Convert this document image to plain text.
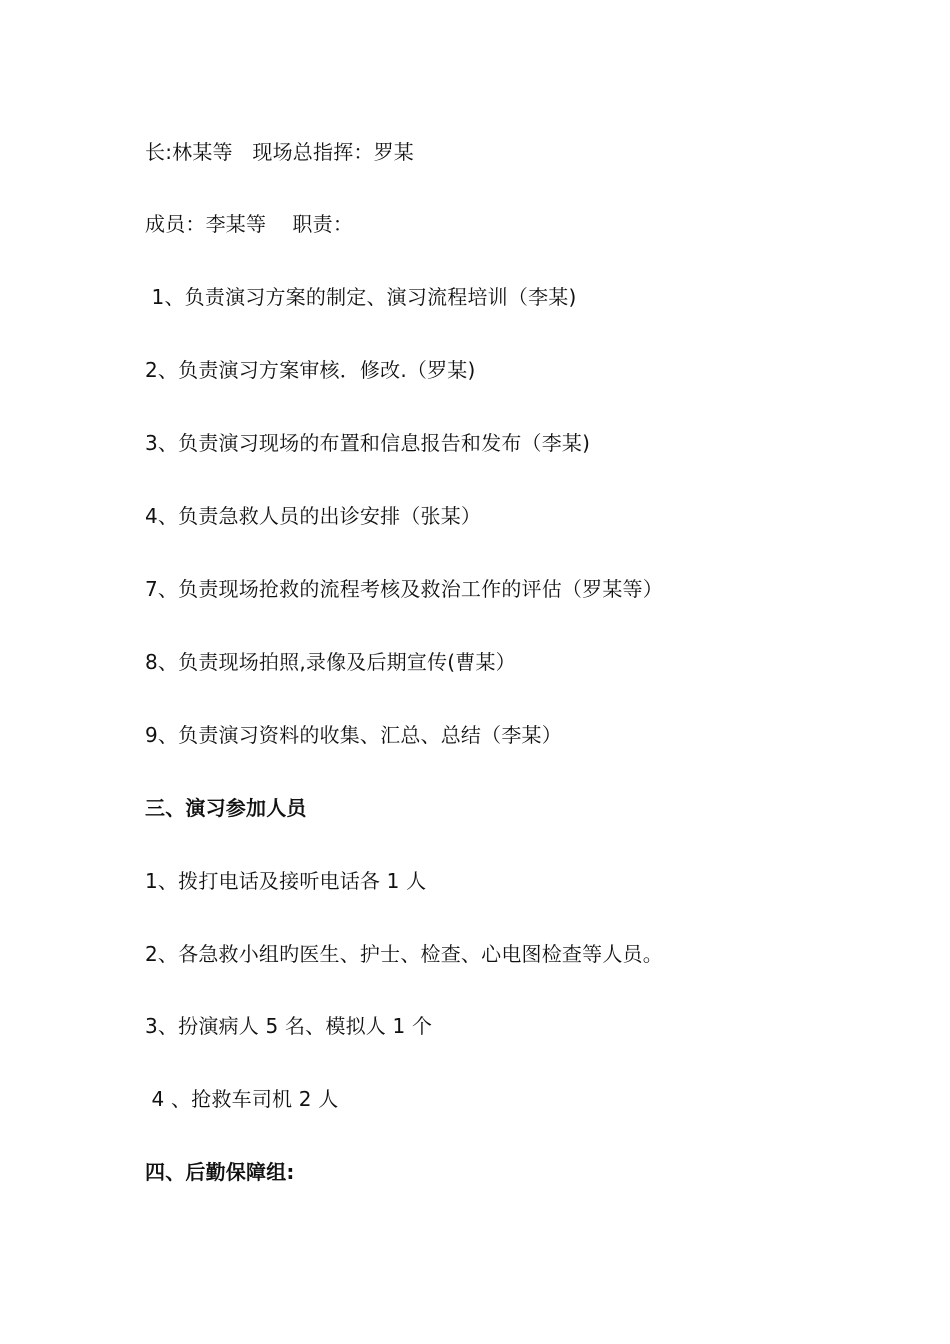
长:林某等   现场总指挥：罗某
成员：李某等    职责：
1、负责演习方案的制定、演习流程培训（李某)
2、负责演习方案审核．修改.（罗某)
3、负责演习现场的布置和信息报告和发布（李某)
4、负责急救人员的出诊安排（张某）
7、负责现场抢救的流程考核及救治工作的评估（罗某等）
8、负责现场拍照,录像及后期宣传(曹某）
9、负责演习资料的收集、汇总、总结（李某）
三、演习参加人员
1、拨打电话及接听电话各 1 人
2、各急救小组旳医生、护士、检查、心电图检查等人员。
3、扮演病人 5 名、模拟人 1 个
4 、抢救车司机 2 人
四、后勤保障组:
